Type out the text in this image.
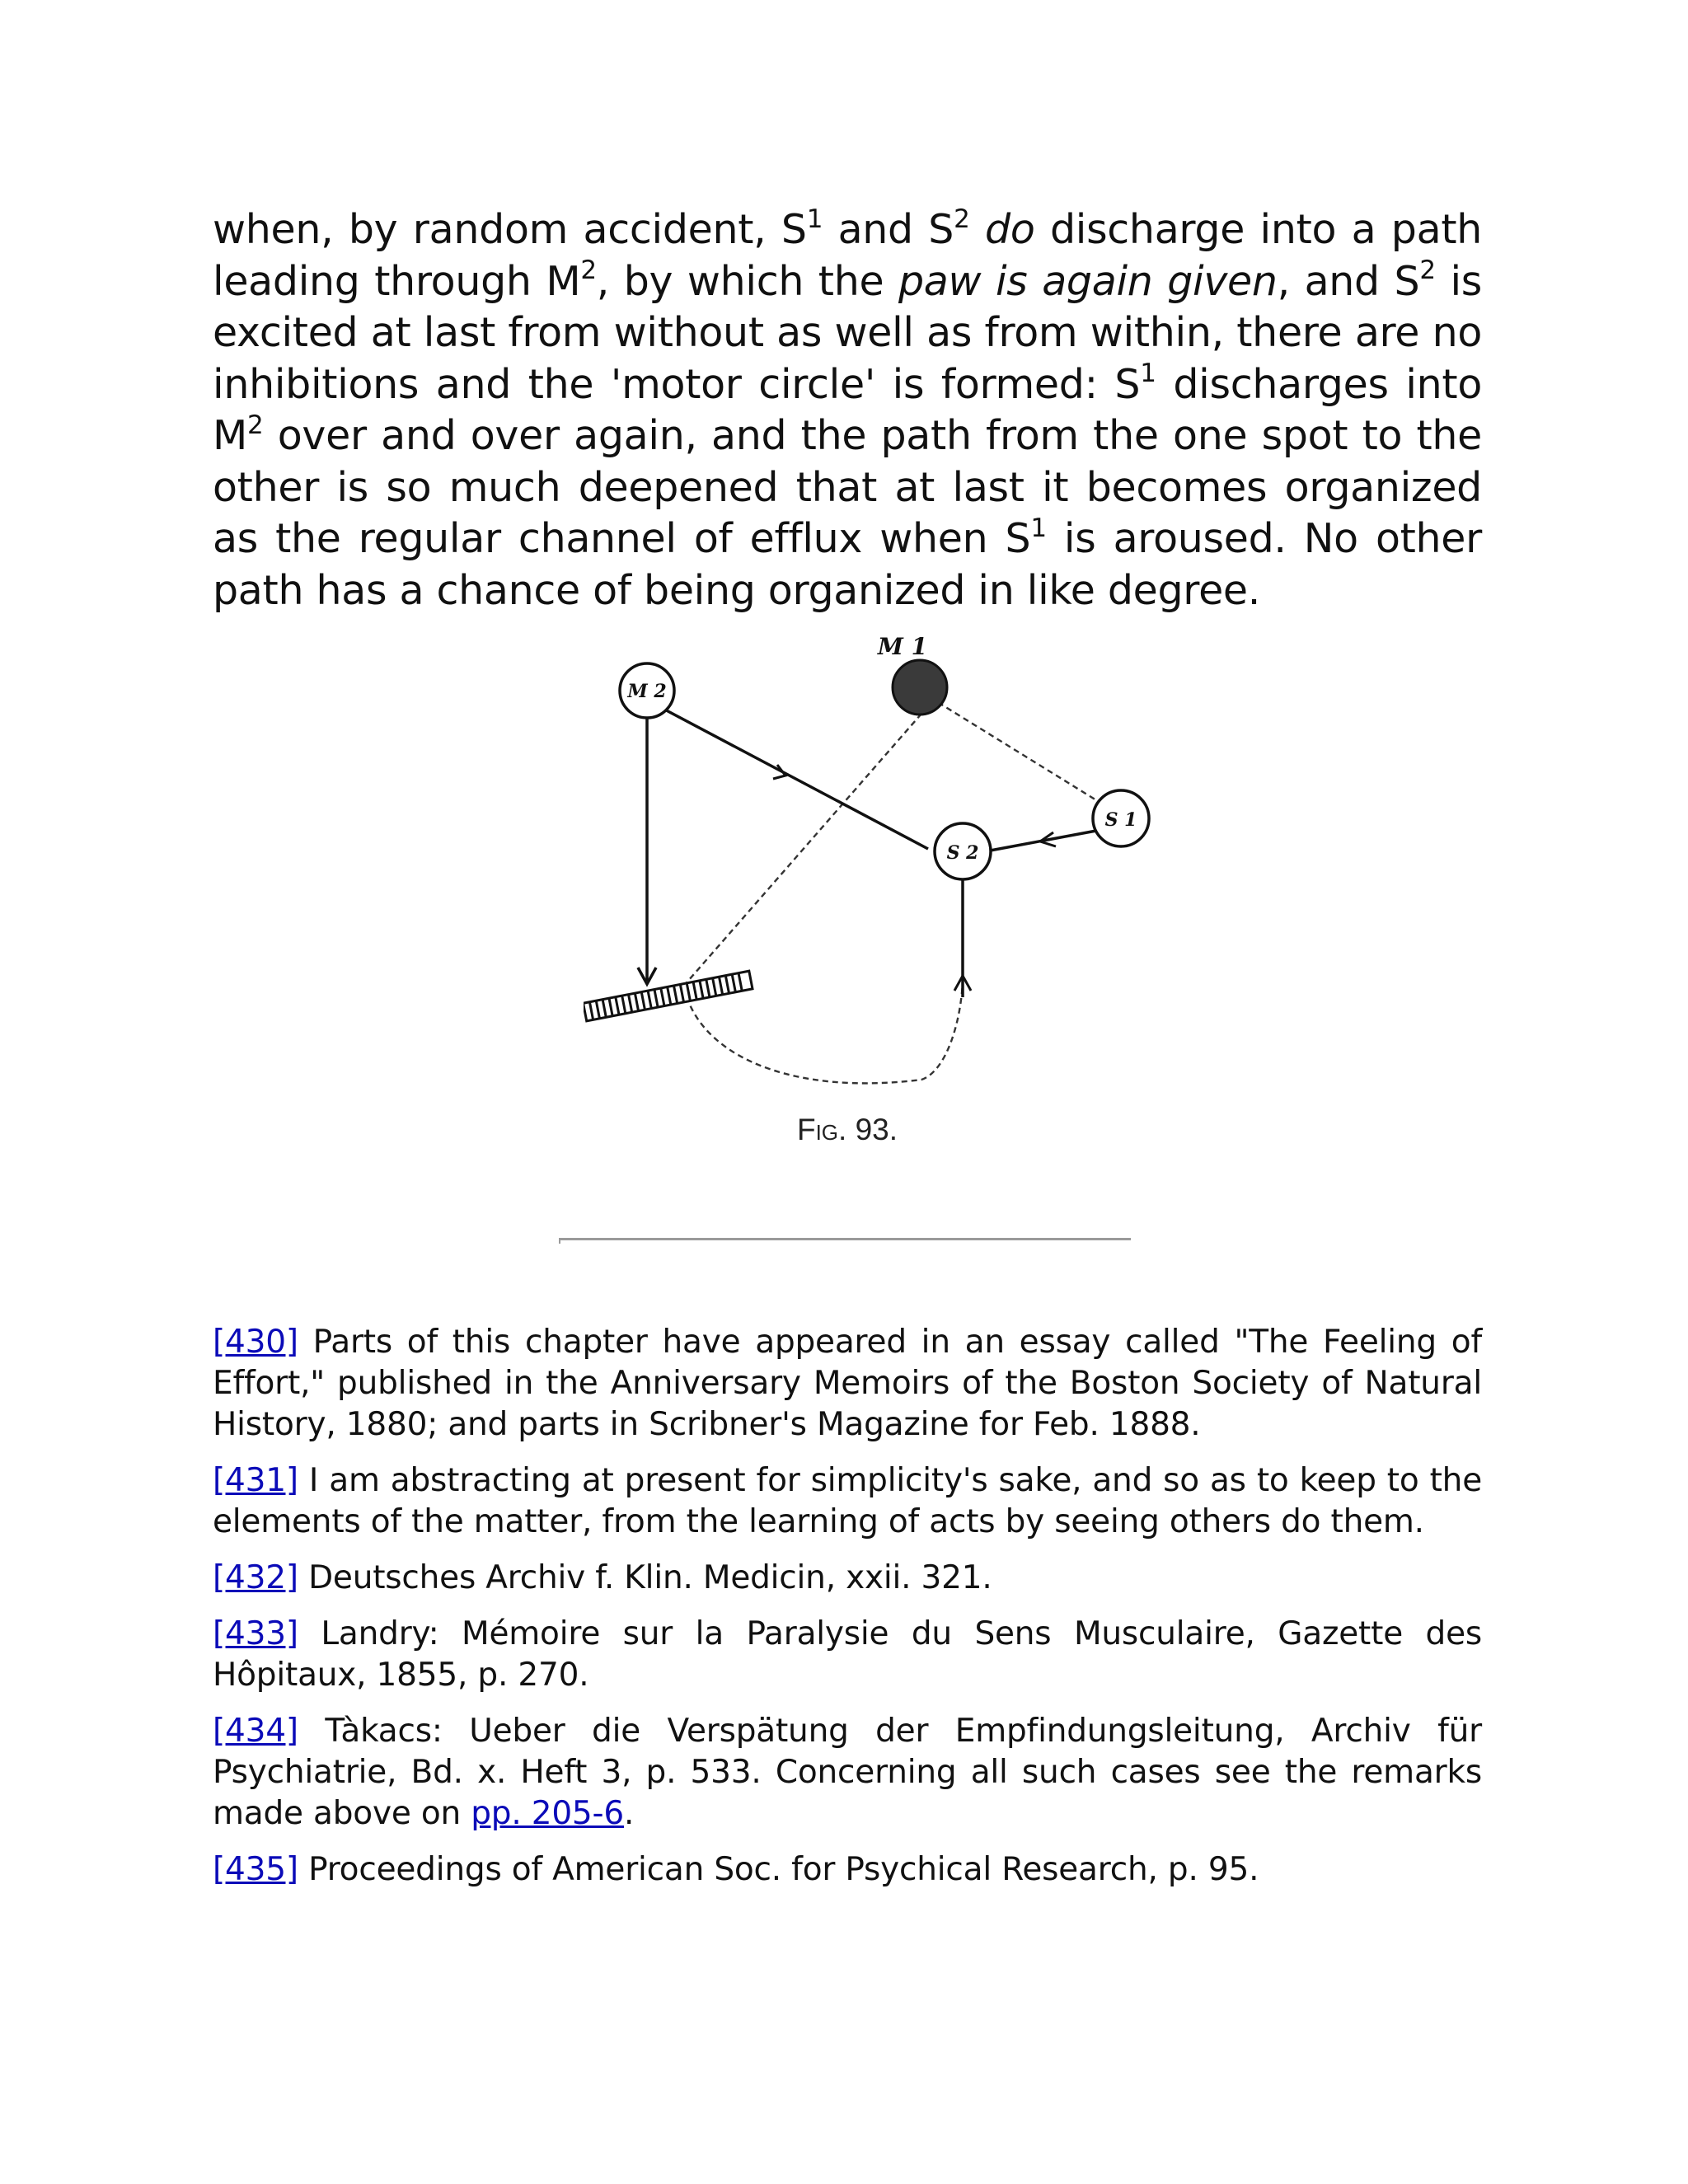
when, by random accident, $S^1$ and $S^2$ do discharge into a path leading through $M^2$, by which the paw is again given, and $S^2$ is excited at last from without as well as from within, there are no inhibitions and the 'motor circle' is formed: $S^1$ discharges into $M^2$ over and over again, and the path from the one spot to the other is so much deepened that at last it becomes organized as the regular channel of efflux when $S^1$ is aroused. No other path has a chance of being organized in like degree.
M 2
M 1
S 2
S 1
Fig. 93.

[430] Parts of this chapter have appeared in an essay called "The Feeling of Effort," published in the Anniversary Memoirs of the Boston Society of Natural History, 1880; and parts in Scribner's Magazine for Feb. 1888.

[431] I am abstracting at present for simplicity's sake, and so as to keep to the elements of the matter, from the learning of acts by seeing others do them.

[432] Deutsches Archiv f. Klin. Medicin, xxii. 321.

[433] Landry: Mémoire sur la Paralysie du Sens Musculaire, Gazette des Hôpitaux, 1855, p. 270.

[434] Tàkacs: Ueber die Verspätung der Empfindungsleitung, Archiv für Psychiatrie, Bd. x. Heft 3, p. 533. Concerning all such cases see the remarks made above on pp. 205-6.

[435] Proceedings of American Soc. for Psychical Research, p. 95.
